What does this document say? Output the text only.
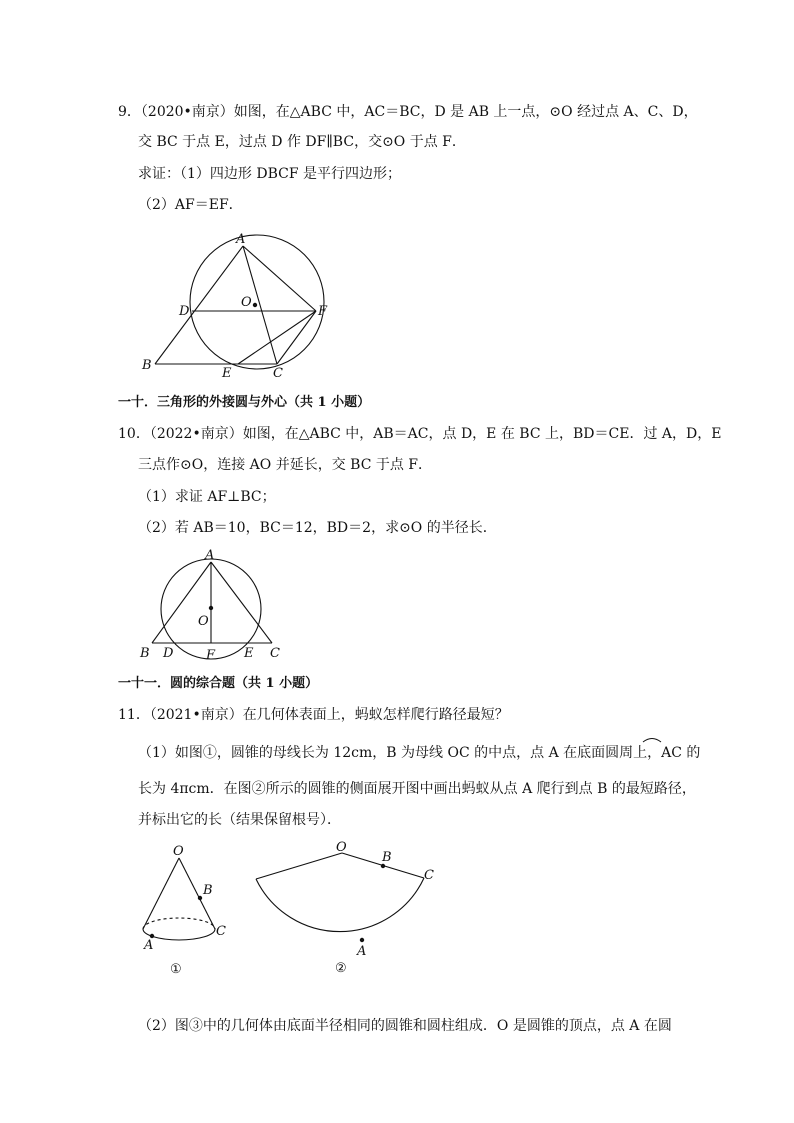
9．（2020•南京）如图，在△ABC 中，AC＝BC，D 是 AB 上一点，⊙O 经过点 A、C、D，
交 BC 于点 E，过点 D 作 DF∥BC，交⊙O 于点 F．
求证：（1）四边形 DBCF 是平行四边形；
（2）AF＝EF．
A
O
D	F
B
E	C
一十．三角形的外接圆与外心（共 1 小题）
10．（2022•南京）如图，在△ABC 中，AB＝AC，点 D，E 在 BC 上，BD＝CE．过 A，D，E
三点作⊙O，连接 AO 并延长，交 BC 于点 F．
（1）求证 AF⊥BC；
（2）若 AB＝10，BC＝12，BD＝2，求⊙O 的半径长．
A
O
B D	F E C
一十一．圆的综合题（共 1 小题）
11．（2021•南京）在几何体表面上，蚂蚁怎样爬行路径最短？
（1）如图①，圆锥的母线长为 12cm，B 为母线 OC 的中点，点 A 在底面圆周上，AC 的
长为 4πcm．在图②所示的圆锥的侧面展开图中画出蚂蚁从点 A 爬行到点 B 的最短路径，
并标出它的长（结果保留根号）．
O
B
A
C
①
O
B
C
A
②
（2）图③中的几何体由底面半径相同的圆锥和圆柱组成．O 是圆锥的顶点，点 A 在圆
